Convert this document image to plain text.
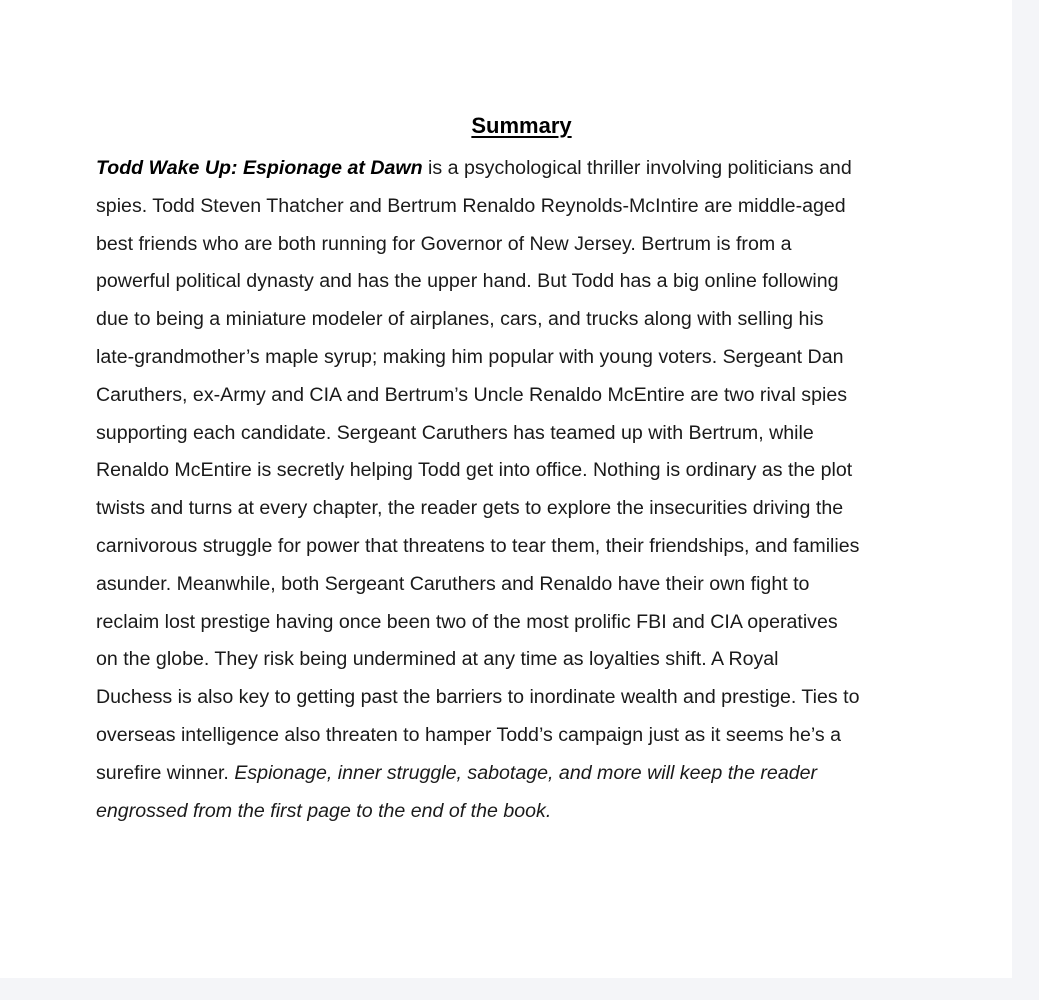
Summary

Todd Wake Up: Espionage at Dawn is a psychological thriller involving politicians and
spies. Todd Steven Thatcher and Bertrum Renaldo Reynolds-McIntire are middle-aged
best friends who are both running for Governor of New Jersey. Bertrum is from a
powerful political dynasty and has the upper hand. But Todd has a big online following
due to being a miniature modeler of airplanes, cars, and trucks along with selling his
late-grandmother’s maple syrup; making him popular with young voters. Sergeant Dan
Caruthers, ex-Army and CIA and Bertrum’s Uncle Renaldo McEntire are two rival spies
supporting each candidate. Sergeant Caruthers has teamed up with Bertrum, while
Renaldo McEntire is secretly helping Todd get into office. Nothing is ordinary as the plot
twists and turns at every chapter, the reader gets to explore the insecurities driving the
carnivorous struggle for power that threatens to tear them, their friendships, and families
asunder. Meanwhile, both Sergeant Caruthers and Renaldo have their own fight to
reclaim lost prestige having once been two of the most prolific FBI and CIA operatives
on the globe. They risk being undermined at any time as loyalties shift. A Royal
Duchess is also key to getting past the barriers to inordinate wealth and prestige. Ties to
overseas intelligence also threaten to hamper Todd’s campaign just as it seems he’s a
surefire winner. Espionage, inner struggle, sabotage, and more will keep the reader
engrossed from the first page to the end of the book.
